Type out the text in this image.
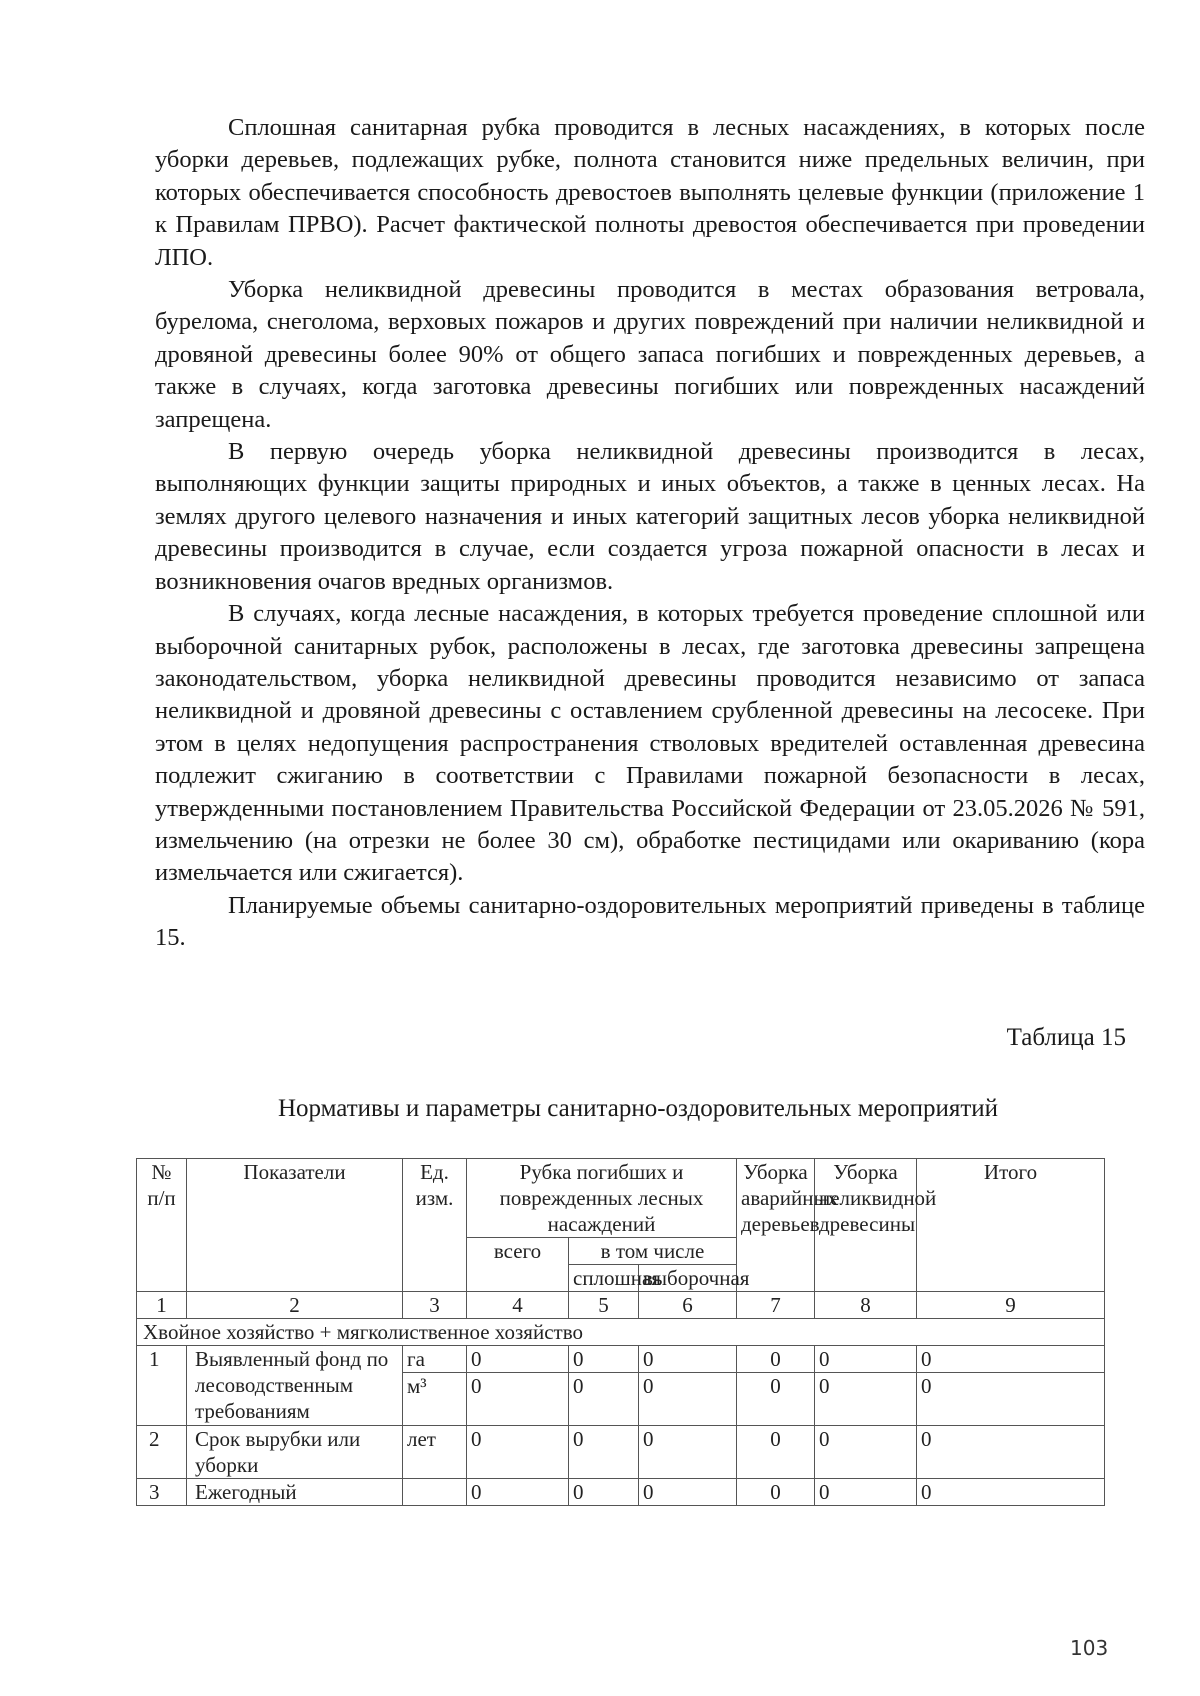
Сплошная санитарная рубка проводится в лесных насаждениях, в которых после уборки деревьев, подлежащих рубке, полнота становится ниже предельных величин, при которых обеспечивается способность древостоев выполнять целевые функции (приложение 1 к Правилам ПРВО). Расчет фактической полноты древостоя обеспечивается при проведении ЛПО.

Уборка неликвидной древесины проводится в местах образования ветровала, бурелома, снеголома, верховых пожаров и других повреждений при наличии неликвидной и дровяной древесины более 90% от общего запаса погибших и поврежденных деревьев, а также в случаях, когда заготовка древесины погибших или поврежденных насаждений запрещена.

В первую очередь уборка неликвидной древесины производится в лесах, выполняющих функции защиты природных и иных объектов, а также в ценных лесах. На землях другого целевого назначения и иных категорий защитных лесов уборка неликвидной древесины производится в случае, если создается угроза пожарной опасности в лесах и возникновения очагов вредных организмов.

В случаях, когда лесные насаждения, в которых требуется проведение сплошной или выборочной санитарных рубок, расположены в лесах, где заготовка древесины запрещена законодательством, уборка неликвидной древесины проводится независимо от запаса неликвидной и дровяной древесины с оставлением срубленной древесины на лесосеке. При этом в целях недопущения распространения стволовых вредителей оставленная древесина подлежит сжиганию в соответствии с Правилами пожарной безопасности в лесах, утвержденными постановлением Правительства Российской Федерации от 23.05.2026 № 591, измельчению (на отрезки не более 30 см), обработке пестицидами или окариванию (кора измельчается или сжигается).

Планируемые объемы санитарно-оздоровительных мероприятий приведены в таблице 15.

Таблица 15
Нормативы и параметры санитарно-оздоровительных мероприятий
№ п/п	Показатели	Ед. изм.	Рубка погибших и поврежденных лесных насаждений			Уборка аварийных деревьев	Уборка неликвидной древесины	Итого
			всего	в том числе				
				сплошная	выборочная			
1	2	3	4	5	6	7	8	9
Хвойное хозяйство + мягколиственное хозяйство								
1	Выявленный фонд по лесоводственным требованиям	га	0	0	0	0	0	0
		м³	0	0	0	0	0	0
2	Срок вырубки или уборки	лет	0	0	0	0	0	0
3	Ежегодный		0	0	0	0	0	0
103
